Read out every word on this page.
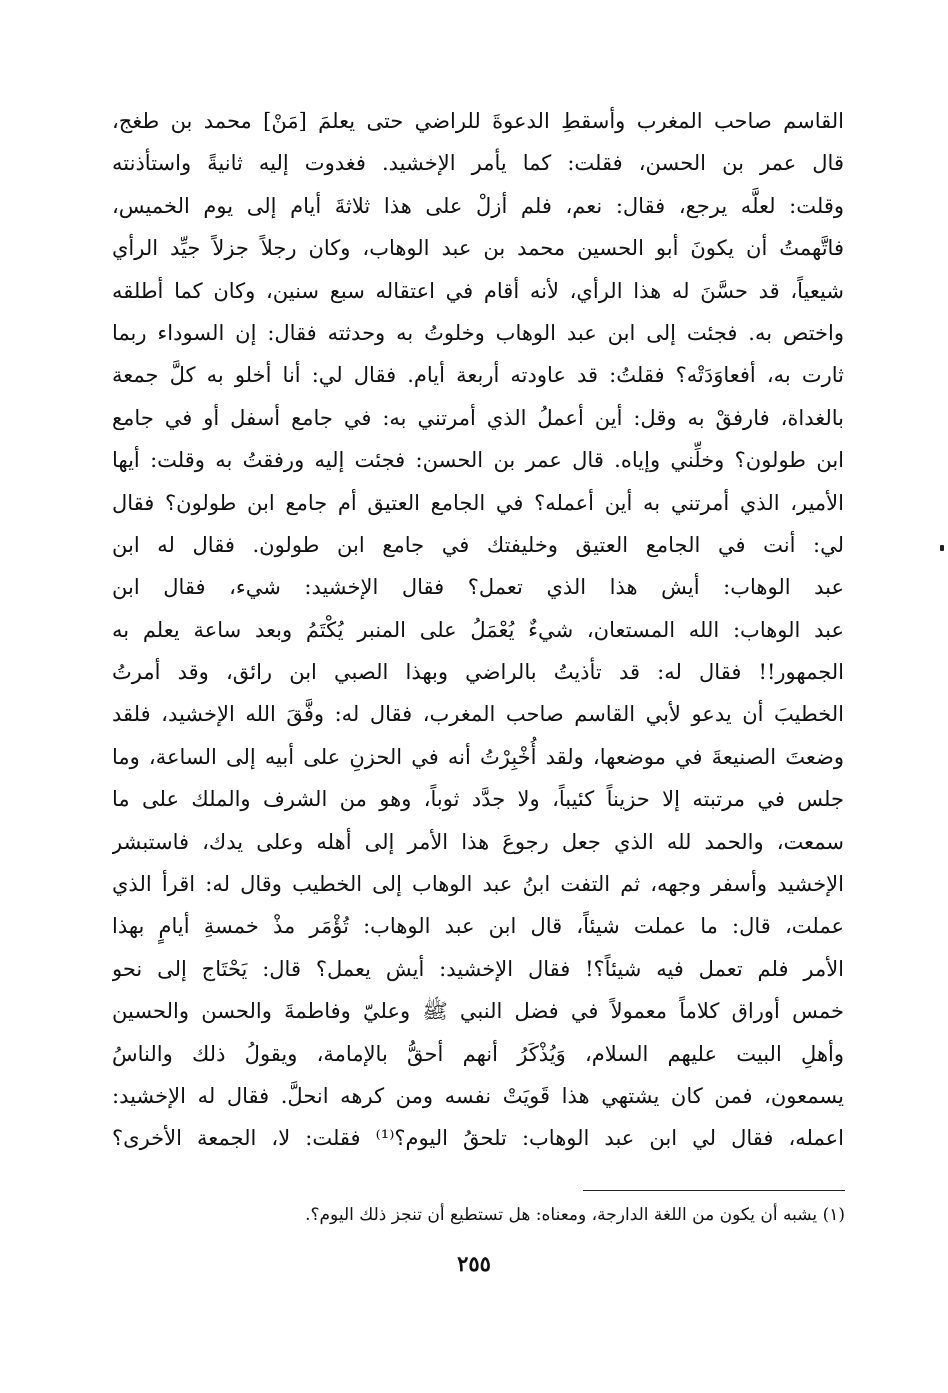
القاسم صاحب المغرب وأسقطِ الدعوةَ للراضي حتى يعلمَ [مَنْ] محمد بن طغج،
قال عمر بن الحسن، فقلت: كما يأمر الإخشيد. فغدوت إليه ثانيةً واستأذنته
وقلت: لعلَّه يرجع، فقال: نعم، فلم أزلْ على هذا ثلاثةَ أيام إلى يوم الخميس،
فاتَّهمتُ أن يكونَ أبو الحسين محمد بن عبد الوهاب، وكان رجلاً جزلاً جيِّد الرأي
شيعياً، قد حسَّنَ له هذا الرأي، لأنه أقام في اعتقاله سبع سنين، وكان كما أطلقه
واختص به. فجئت إلى ابن عبد الوهاب وخلوتُ به وحدثته فقال: إن السوداء ربما
ثارت به، أفعاوَدَتْه؟ فقلتُ: قد عاودته أربعة أيام. فقال لي: أنا أخلو به كلَّ جمعة
بالغداة، فارفقْ به وقل: أين أعملُ الذي أمرتني به: في جامع أسفل أو في جامع
ابن طولون؟ وخلِّني وإياه. قال عمر بن الحسن: فجئت إليه ورفقتُ به وقلت: أيها
الأمير، الذي أمرتني به أين أعمله؟ في الجامع العتيق أم جامع ابن طولون؟ فقال
لي: أنت في الجامع العتيق وخليفتك في جامع ابن طولون. فقال له ابن
عبد الوهاب: أيش هذا الذي تعمل؟ فقال الإخشيد: شيء، فقال ابن
عبد الوهاب: الله المستعان، شيءٌ يُعْمَلُ على المنبر يُكْتَمُ وبعد ساعة يعلم به
الجمهور!! فقال له: قد تأذيتُ بالراضي وبهذا الصبي ابن رائق، وقد أمرتُ
الخطيبَ أن يدعو لأبي القاسم صاحب المغرب، فقال له: وفَّقَ الله الإخشيد، فلقد
وضعتَ الصنيعةَ في موضعها، ولقد أُخْبِرْتُ أنه في الحزنِ على أبيه إلى الساعة، وما
جلس في مرتبته إلا حزيناً كئيباً، ولا جدَّد ثوباً، وهو من الشرف والملك على ما
سمعت، والحمد لله الذي جعل رجوعَ هذا الأمر إلى أهله وعلى يدك، فاستبشر
الإخشيد وأسفر وجهه، ثم التفت ابنُ عبد الوهاب إلى الخطيب وقال له: اقرأ الذي
عملت، قال: ما عملت شيئاً، قال ابن عبد الوهاب: تُؤْمَر مذْ خمسةِ أيامٍ بهذا
الأمر فلم تعمل فيه شيئاً؟! فقال الإخشيد: أيش يعمل؟ قال: يَحْتَاج إلى نحو
خمس أوراق كلاماً معمولاً في فضل النبي ﷺ وعليّ وفاطمةَ والحسن والحسين
وأهلِ البيت عليهم السلام، وَيُذْكَرُ أنهم أحقُّ بالإمامة، ويقولُ ذلك والناسُ
يسمعون، فمن كان يشتهي هذا قَويَتْ نفسه ومن كرهه انحلَّ. فقال له الإخشيد:
اعمله، فقال لي ابن عبد الوهاب: تلحقُ اليوم؟⁽¹⁾ فقلت: لا، الجمعة الأخرى؟
(١) يشبه أن يكون من اللغة الدارجة، ومعناه: هل تستطيع أن تنجز ذلك اليوم؟.
٢٥٥
